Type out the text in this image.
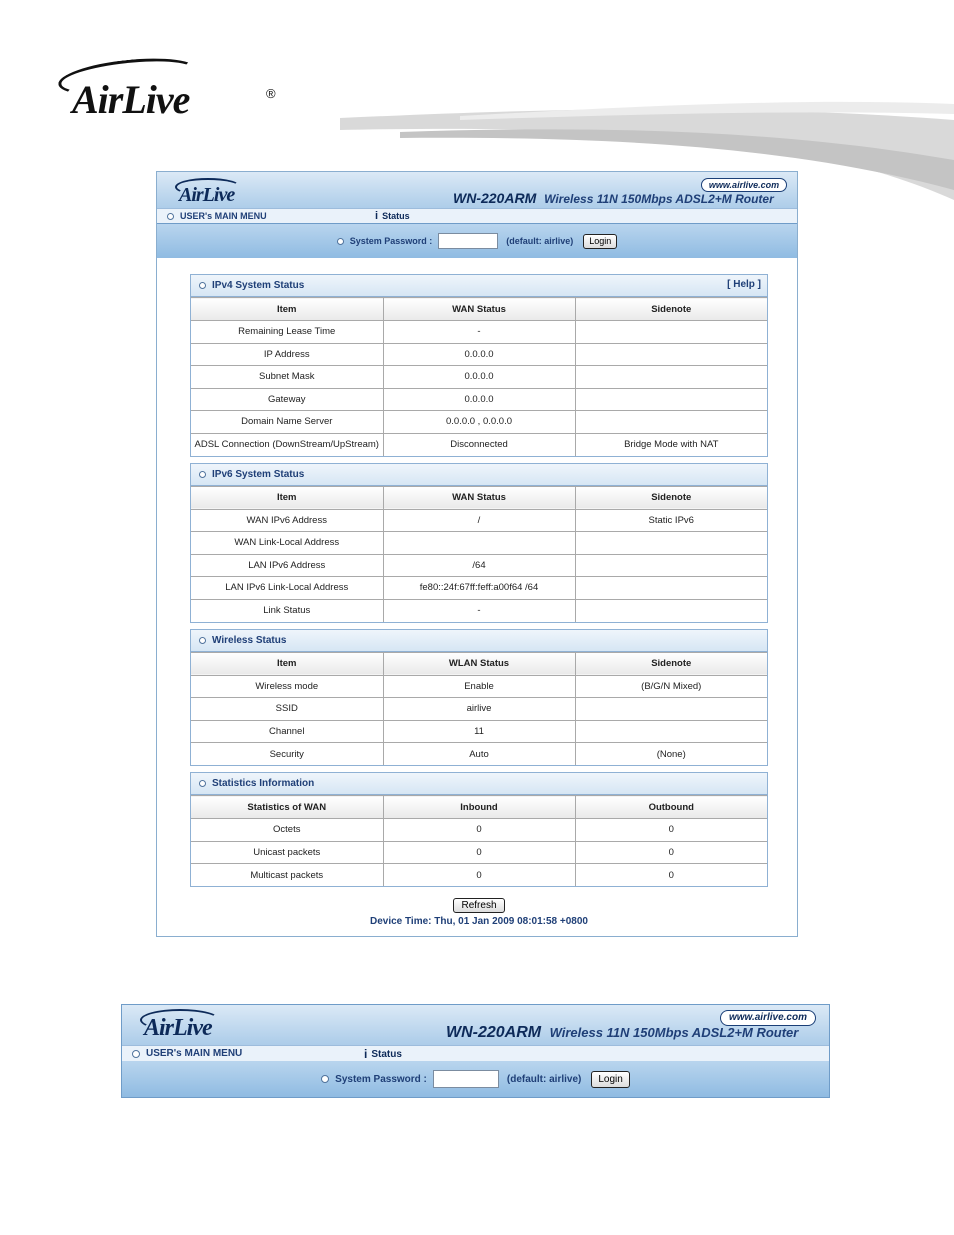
AirLive	®
AirLive	www.airlive.com
WN-220ARM Wireless 11N 150Mbps ADSL2+M Router
USER's MAIN MENU	i Status
System Password :	(default: airlive)	Login
IPv4 System Status	[ Help ]
Item	WAN Status	Sidenote
Remaining Lease Time	-	
IP Address	0.0.0.0	
Subnet Mask	0.0.0.0	
Gateway	0.0.0.0	
Domain Name Server	0.0.0.0 , 0.0.0.0	
ADSL Connection (DownStream/UpStream)	Disconnected	Bridge Mode with NAT
IPv6 System Status
Item	WAN Status	Sidenote
WAN IPv6 Address	/	Static IPv6
WAN Link-Local Address		
LAN IPv6 Address	/64	
LAN IPv6 Link-Local Address	fe80::24f:67ff:feff:a00f64 /64	
Link Status	-	
Wireless Status
Item	WLAN Status	Sidenote
Wireless mode	Enable	(B/G/N Mixed)
SSID	airlive	
Channel	11	
Security	Auto	(None)
Statistics Information
Statistics of WAN	Inbound	Outbound
Octets	0	0
Unicast packets	0	0
Multicast packets	0	0
Refresh
Device Time: Thu, 01 Jan 2009 08:01:58 +0800
AirLive	www.airlive.com
WN-220ARM Wireless 11N 150Mbps ADSL2+M Router
USER's MAIN MENU	i Status
System Password :	(default: airlive)	Login
